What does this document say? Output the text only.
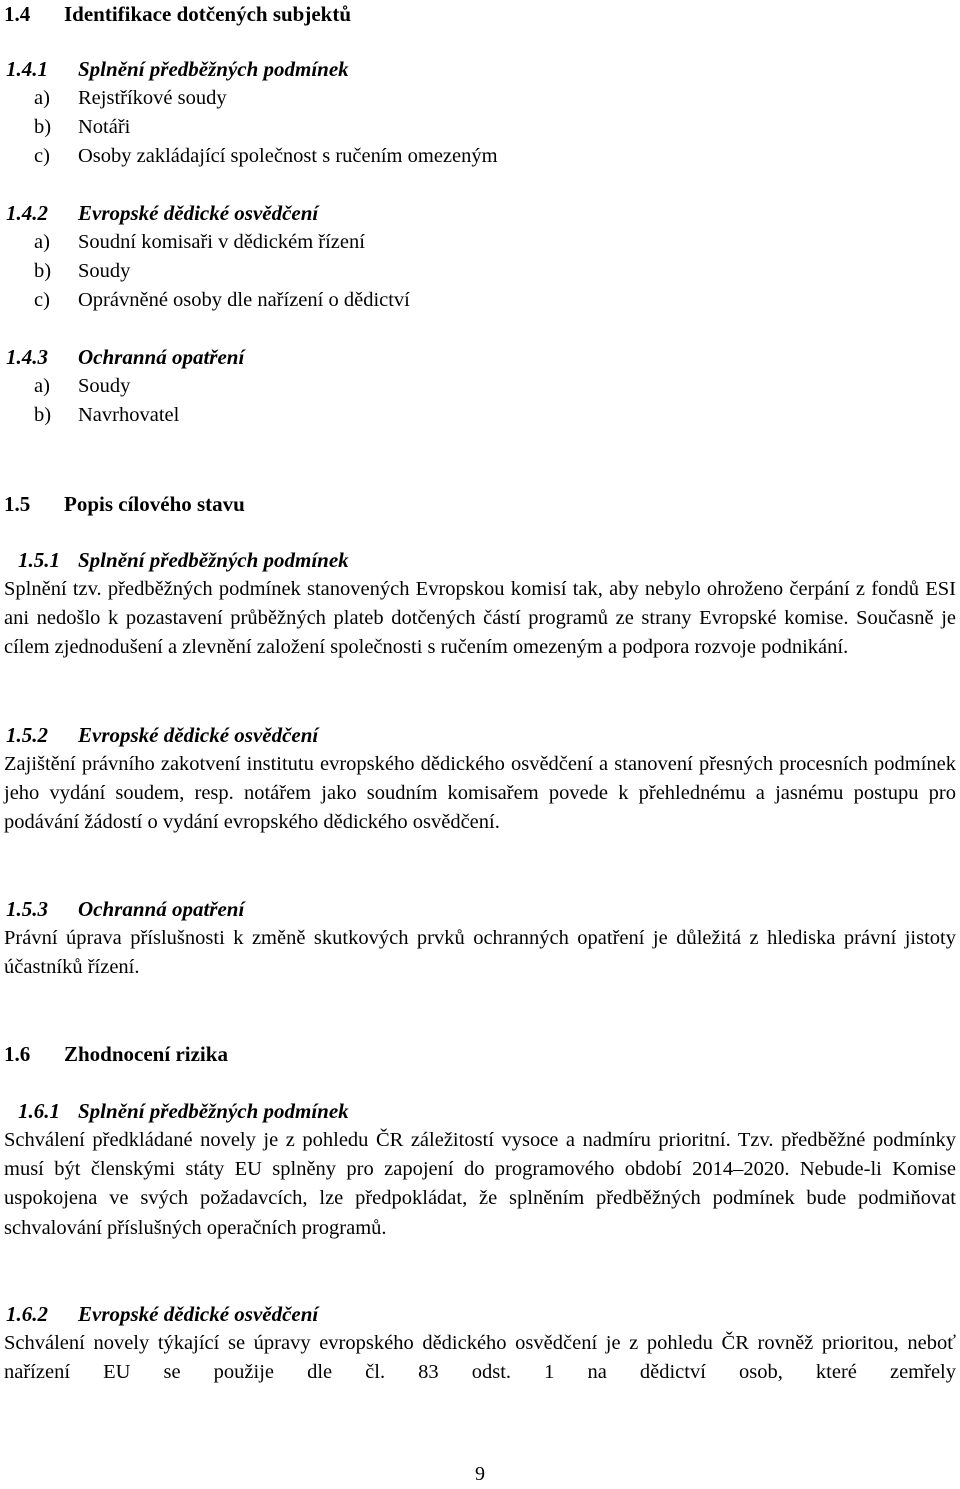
1.4 Identifikace dotčených subjektů
1.4.1 Splnění předběžných podmínek
a) Rejstříkové soudy
b) Notáři
c) Osoby zakládající společnost s ručením omezeným
1.4.2 Evropské dědické osvědčení
a) Soudní komisaři v dědickém řízení
b) Soudy
c) Oprávněné osoby dle nařízení o dědictví
1.4.3 Ochranná opatření
a) Soudy
b) Navrhovatel
1.5 Popis cílového stavu
1.5.1 Splnění předběžných podmínek

Splnění tzv. předběžných podmínek stanovených Evropskou komisí tak, aby nebylo ohroženo čerpání z fondů ESI ani nedošlo k pozastavení průběžných plateb dotčených částí programů ze strany Evropské komise. Současně je cílem zjednodušení a zlevnění založení společnosti s ručením omezeným a podpora rozvoje podnikání.

1.5.2 Evropské dědické osvědčení

Zajištění právního zakotvení institutu evropského dědického osvědčení a stanovení přesných procesních podmínek jeho vydání soudem, resp. notářem jako soudním komisařem povede k přehlednému a jasnému postupu pro podávání žádostí o vydání evropského dědického osvědčení.

1.5.3 Ochranná opatření

Právní úprava příslušnosti k změně skutkových prvků ochranných opatření je důležitá z hlediska právní jistoty účastníků řízení.

1.6 Zhodnocení rizika
1.6.1 Splnění předběžných podmínek

Schválení předkládané novely je z pohledu ČR záležitostí vysoce a nadmíru prioritní. Tzv. předběžné podmínky musí být členskými státy EU splněny pro zapojení do programového období 2014–2020. Nebude-li Komise uspokojena ve svých požadavcích, lze předpokládat, že splněním předběžných podmínek bude podmiňovat schvalování příslušných operačních programů.

1.6.2 Evropské dědické osvědčení

Schválení novely týkající se úpravy evropského dědického osvědčení je z pohledu ČR rovněž prioritou, neboť nařízení EU se použije dle čl. 83 odst. 1 na dědictví osob, které zemřely

9
